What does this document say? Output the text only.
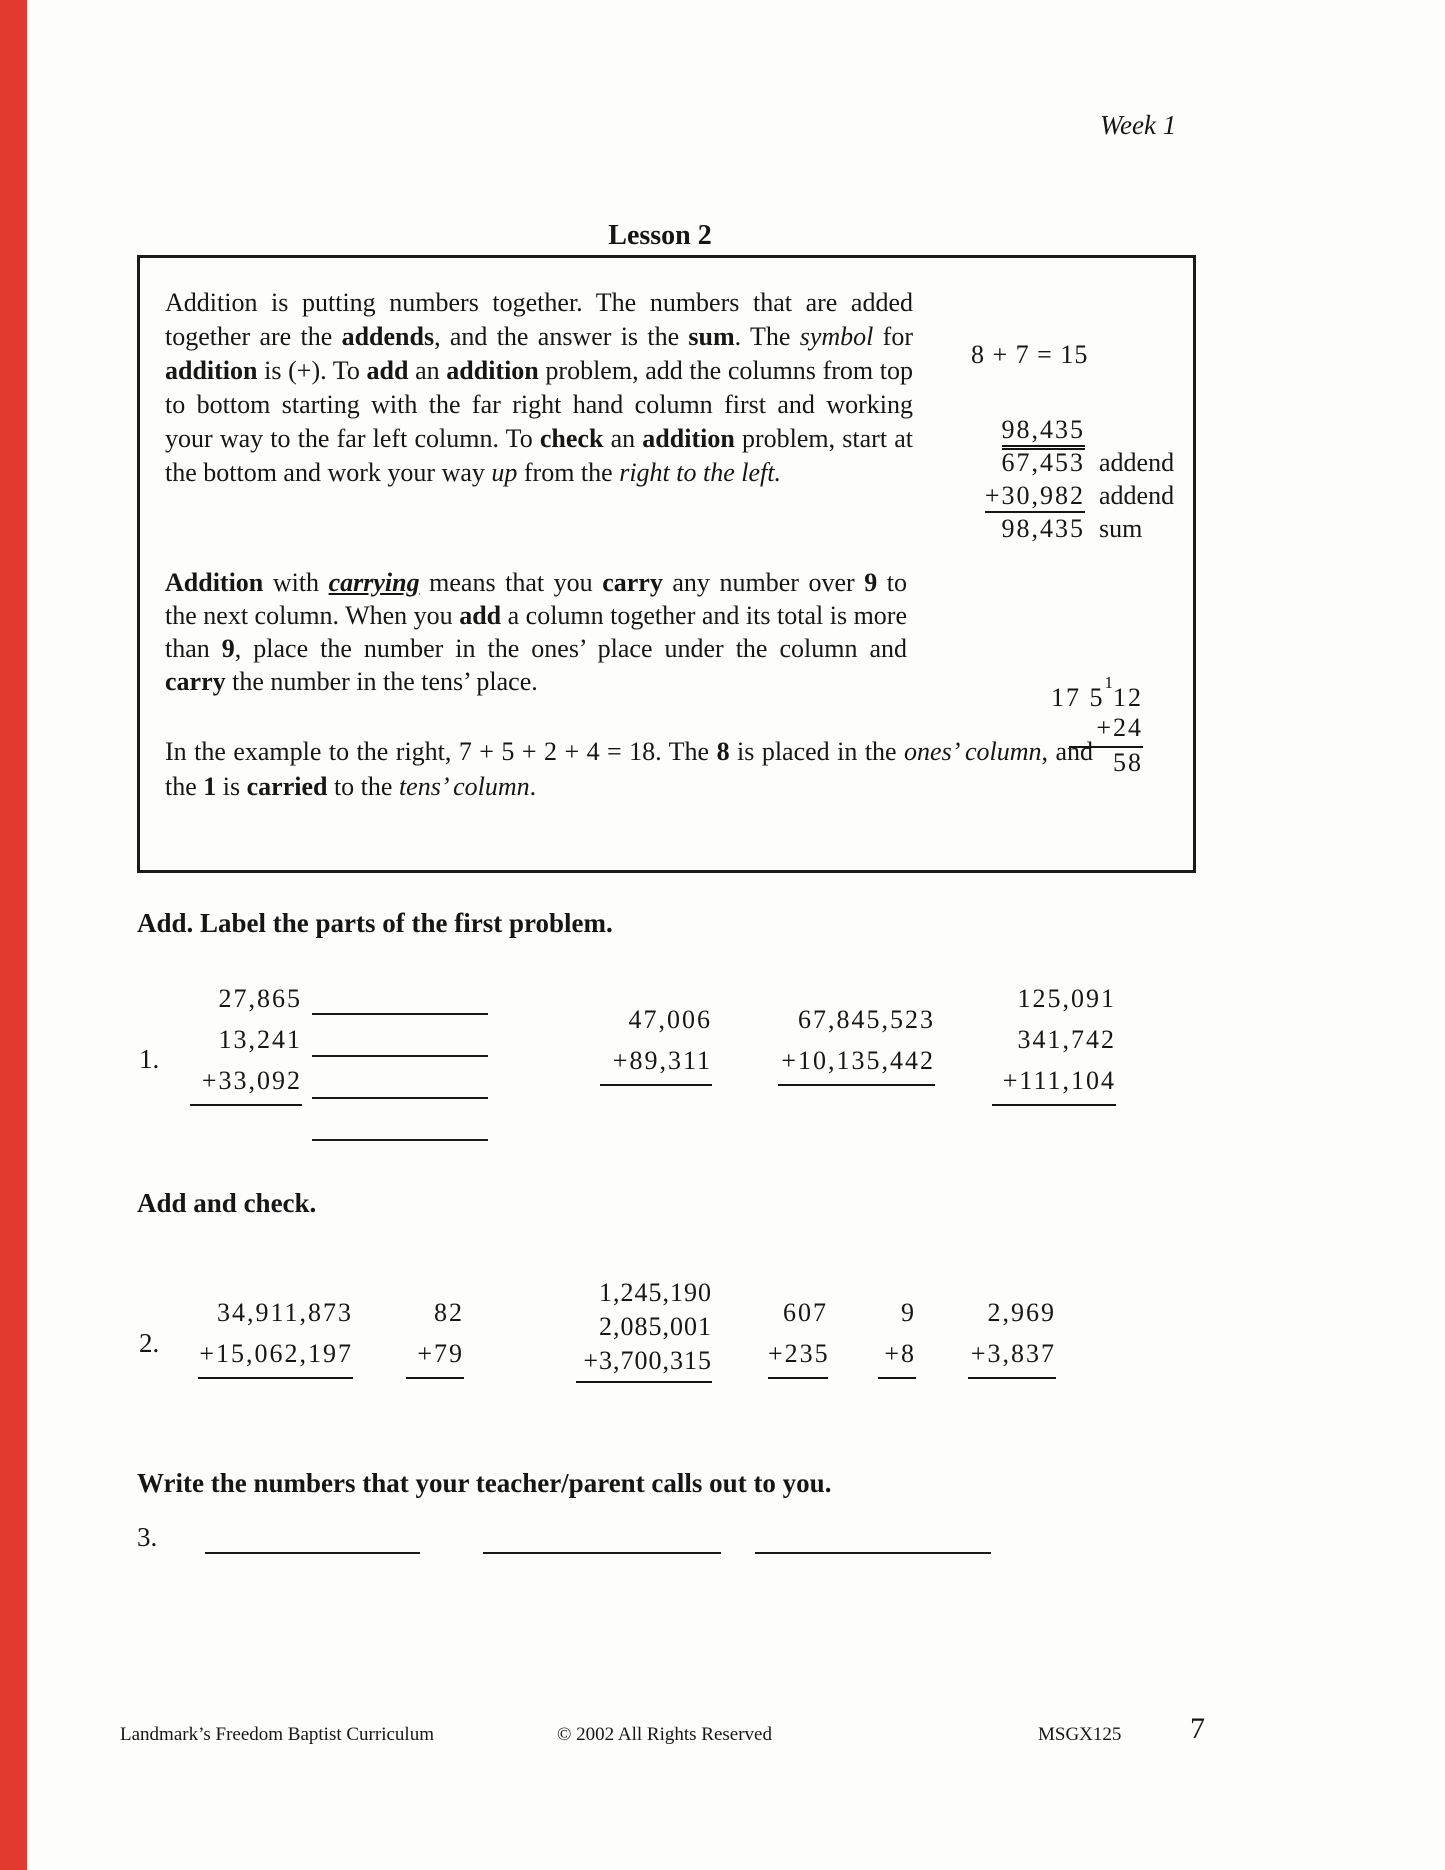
Week 1
Lesson 2

Addition is putting numbers together. The numbers that are added together are the addends, and the answer is the sum. The symbol for addition is (+). To add an addition problem, add the columns from top to bottom starting with the far right hand column first and working your way to the far left column. To check an addition problem, start at the bottom and work your way up from the right to the left.

Addition with carrying means that you carry any number over 9 to the next column. When you add a column together and its total is more than 9, place the number in the ones’ place under the column and carry the number in the tens’ place.

In the example to the right, 7 + 5 + 2 + 4 = 18. The 8 is placed in the ones’ column, and the 1 is carried to the tens’ column.

8 + 7 = 15
98,435
67,453 addend
+30,982 addend
98,435 sum
1
17 5 12 +24
58
Add. Label the parts of the first problem.
1.
27,865
13,241
+33,092
47,006
+89,311
67,845,523
+10,135,442
125,091
341,742
+111,104
Add and check.
2.
34,911,873
+15,062,197
82
+79
1,245,190
2,085,001
+3,700,315
607
+235
9
+8
2,969
+3,837
Write the numbers that your teacher/parent calls out to you.
3.
Landmark’s Freedom Baptist Curriculum	© 2002 All Rights Reserved	MSGX125 7
